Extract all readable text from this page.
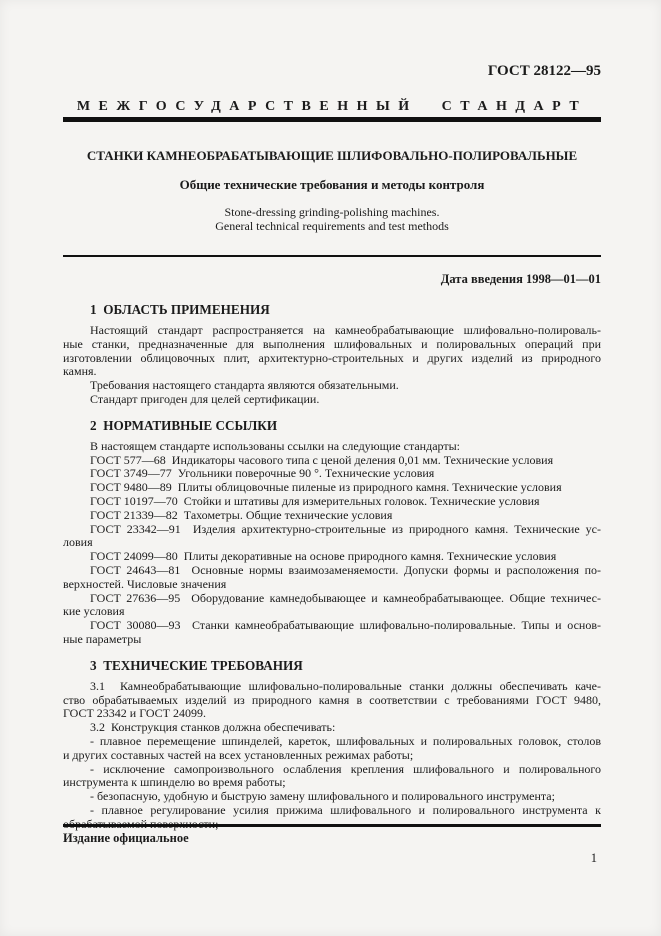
ГОСТ 28122—95
МЕЖГОСУДАРСТВЕННЫЙ СТАНДАРТ
СТАНКИ КАМНЕОБРАБАТЫВАЮЩИЕ ШЛИФОВАЛЬНО-ПОЛИРОВАЛЬНЫЕ
Общие технические требования и методы контроля
Stone-dressing grinding-polishing machines.
General technical requirements and test methods
Дата введения 1998—01—01
1  ОБЛАСТЬ ПРИМЕНЕНИЯ
Настоящий стандарт распространяется на камнеобрабатывающие шлифовально-полироваль-
ные станки, предназначенные для выполнения шлифовальных и полировальных операций при
изготовлении облицовочных плит, архитектурно-строительных и других изделий из природного
камня.
Требования настоящего стандарта являются обязательными.
Стандарт пригоден для целей сертификации.
2  НОРМАТИВНЫЕ ССЫЛКИ
В настоящем стандарте использованы ссылки на следующие стандарты:
ГОСТ 577—68  Индикаторы часового типа с ценой деления 0,01 мм. Технические условия
ГОСТ 3749—77  Угольники поверочные 90 °. Технические условия
ГОСТ 9480—89  Плиты облицовочные пиленые из природного камня. Технические условия
ГОСТ 10197—70  Стойки и штативы для измерительных головок. Технические условия
ГОСТ 21339—82  Тахометры. Общие технические условия
ГОСТ 23342—91  Изделия архитектурно-строительные из природного камня. Технические ус-
ловия
ГОСТ 24099—80  Плиты декоративные на основе природного камня. Технические условия
ГОСТ 24643—81  Основные нормы взаимозаменяемости. Допуски формы и расположения по-
верхностей. Числовые значения
ГОСТ 27636—95  Оборудование камнедобывающее и камнеобрабатывающее. Общие техничес-
кие условия
ГОСТ 30080—93  Станки камнеобрабатывающие шлифовально-полировальные. Типы и основ-
ные параметры
3  ТЕХНИЧЕСКИЕ ТРЕБОВАНИЯ
3.1  Камнеобрабатывающие шлифовально-полировальные станки должны обеспечивать каче-
ство обрабатываемых изделий из природного камня в соответствии с требованиями ГОСТ 9480,
ГОСТ 23342 и ГОСТ 24099.
3.2  Конструкция станков должна обеспечивать:
- плавное перемещение шпинделей, кареток, шлифовальных и полировальных головок, столов
и других составных частей на всех установленных режимах работы;
- исключение самопроизвольного ослабления крепления шлифовального и полировального
инструмента к шпинделю во время работы;
- безопасную, удобную и быструю замену шлифовального и полировального инструмента;
- плавное регулирование усилия прижима шлифовального и полировального инструмента к
Издание официальное
1
